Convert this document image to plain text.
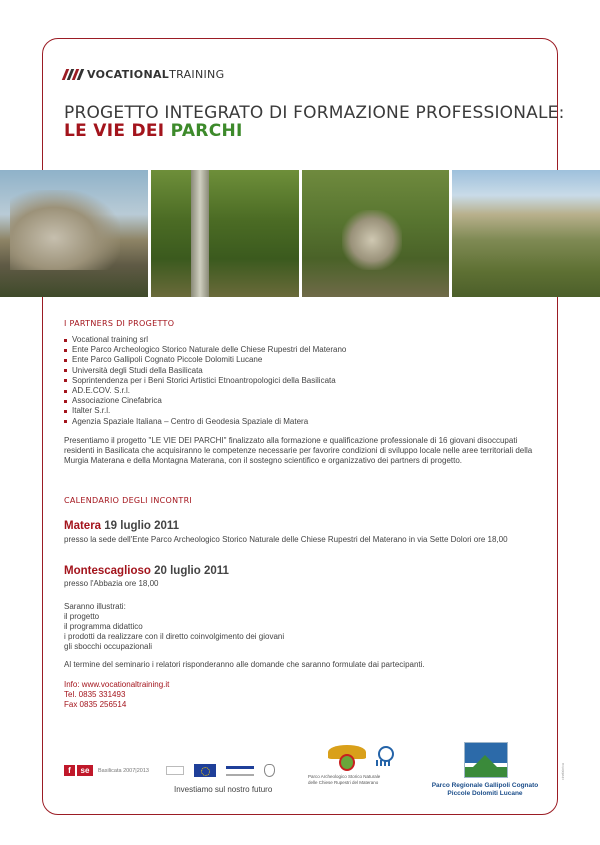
VOCATIONALTRAINING
PROGETTO INTEGRATO DI FORMAZIONE PROFESSIONALE:
LE VIE DEI PARCHI
I PARTNERS DI PROGETTO
Vocational training srl
Ente Parco Archeologico Storico Naturale delle Chiese Rupestri del Materano
Ente Parco Gallipoli Cognato Piccole Dolomiti Lucane
Università degli Studi della Basilicata
Soprintendenza per i Beni Storici Artistici Etnoantropologici della Basilicata
AD.E.COV. S.r.l.
Associazione Cinefabrica
Italter S.r.l.
Agenzia Spaziale Italiana – Centro di Geodesia Spaziale di Matera
Presentiamo il progetto "LE VIE DEI PARCHI" finalizzato alla formazione e qualificazione professionale di 16 giovani disoccupati residenti in Basilicata che acquisiranno le competenze necessarie per favorire condizioni di sviluppo locale nelle aree territoriali della Murgia Materana e della Montagna Materana, con il sostegno scientifico e organizzativo dei partners di progetto.
CALENDARIO DEGLI INCONTRI
Matera 19 luglio 2011
presso la sede dell'Ente Parco Archeologico Storico Naturale delle Chiese Rupestri del Materano in via Sette Dolori ore 18,00
Montescaglioso 20 luglio 2011
presso l'Abbazia ore 18,00
Saranno illustrati:
il progetto
il programma didattico
i prodotti da realizzare con il diretto coinvolgimento dei giovani
gli sbocchi occupazionali
Al termine del seminario i relatori risponderanno alle domande che saranno formulate dai partecipanti.
Info: www.vocationaltraining.it
Tel. 0835 331493
Fax 0835 256514
f	se	Basilicata 2007|2013
Investiamo sul nostro futuro
Parco Archeologico Storico Naturale
delle Chiese Rupestri del Materano	Parco Regionale Gallipoli Cognato
Piccole Dolomiti Lucane
cinefabrica
